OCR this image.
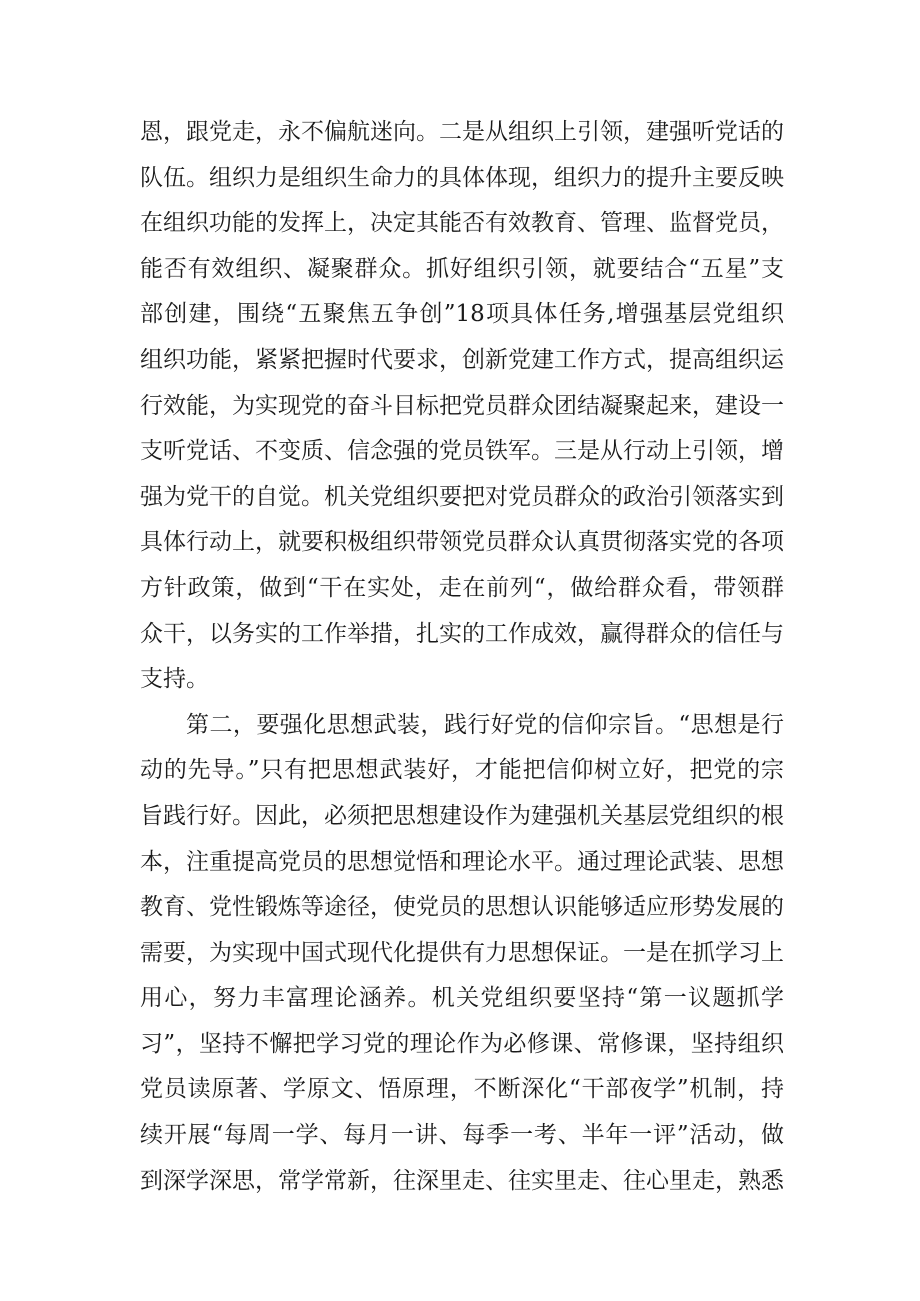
恩，跟党走，永不偏航迷向。二是从组织上引领，建强听党话的
队伍。组织力是组织生命力的具体体现，组织力的提升主要反映
在组织功能的发挥上，决定其能否有效教育、管理、监督党员，
能否有效组织、凝聚群众。抓好组织引领，就要结合“五星”支
部创建，围绕“五聚焦五争创”18项具体任务,增强基层党组织
组织功能，紧紧把握时代要求，创新党建工作方式，提高组织运
行效能，为实现党的奋斗目标把党员群众团结凝聚起来，建设一
支听党话、不变质、信念强的党员铁军。三是从行动上引领，增
强为党干的自觉。机关党组织要把对党员群众的政治引领落实到
具体行动上，就要积极组织带领党员群众认真贯彻落实党的各项
方针政策，做到“干在实处，走在前列“，做给群众看，带领群
众干，以务实的工作举措，扎实的工作成效，赢得群众的信任与
支持。
第二，要强化思想武装，践行好党的信仰宗旨。“思想是行
动的先导。”只有把思想武装好，才能把信仰树立好，把党的宗
旨践行好。因此，必须把思想建设作为建强机关基层党组织的根
本，注重提高党员的思想觉悟和理论水平。通过理论武装、思想
教育、党性锻炼等途径，使党员的思想认识能够适应形势发展的
需要，为实现中国式现代化提供有力思想保证。一是在抓学习上
用心，努力丰富理论涵养。机关党组织要坚持“第一议题抓学
习”，坚持不懈把学习党的理论作为必修课、常修课，坚持组织
党员读原著、学原文、悟原理，不断深化“干部夜学”机制，持
续开展“每周一学、每月一讲、每季一考、半年一评”活动，做
到深学深思，常学常新，往深里走、往实里走、往心里走，熟悉
